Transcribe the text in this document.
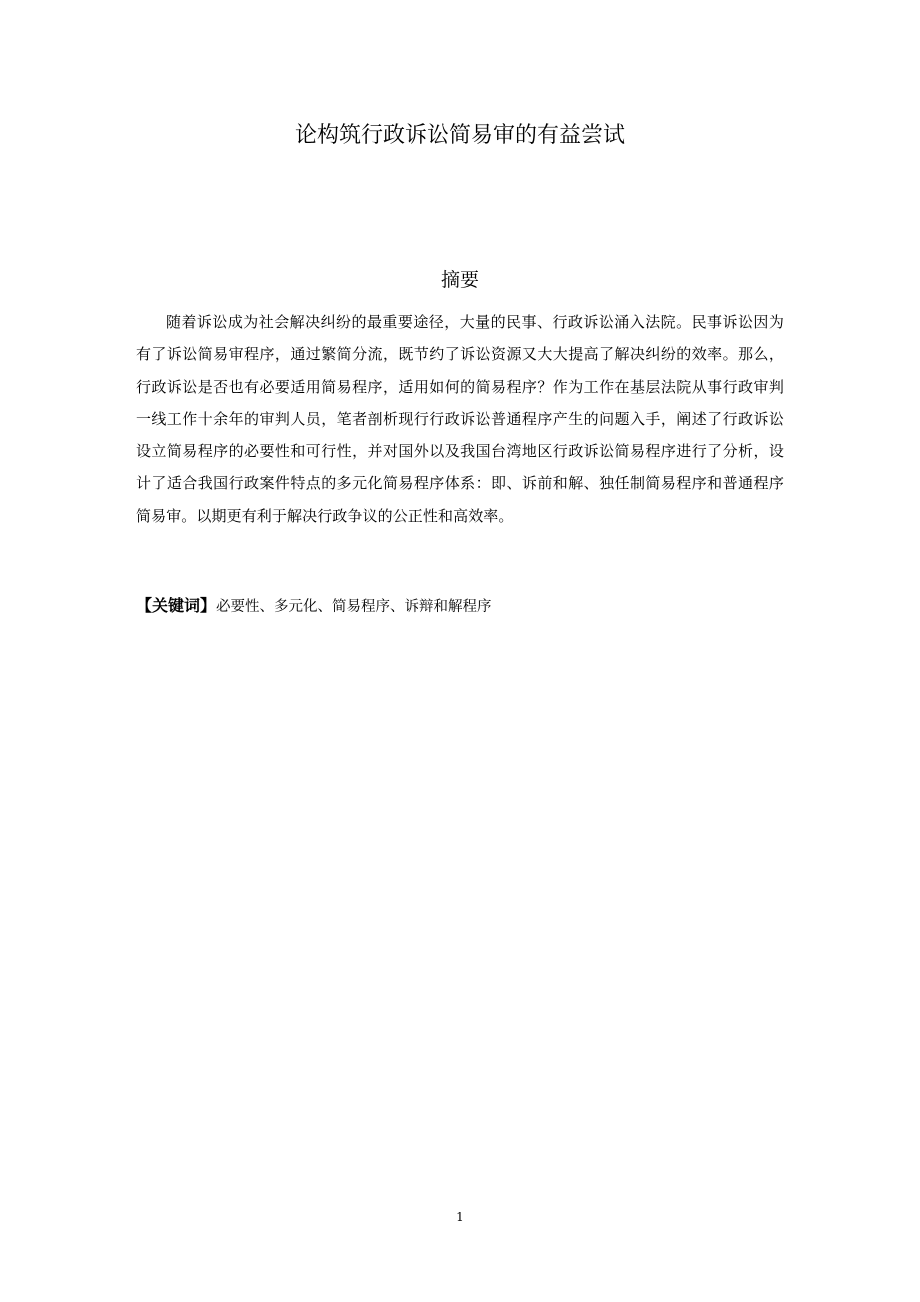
论构筑行政诉讼简易审的有益尝试
摘要

随着诉讼成为社会解决纠纷的最重要途径，大量的民事、行政诉讼涌入法院。民事诉讼因为有了诉讼简易审程序，通过繁简分流，既节约了诉讼资源又大大提高了解决纠纷的效率。那么，行政诉讼是否也有必要适用简易程序，适用如何的简易程序？作为工作在基层法院从事行政审判一线工作十余年的审判人员，笔者剖析现行行政诉讼普通程序产生的问题入手，阐述了行政诉讼设立简易程序的必要性和可行性，并对国外以及我国台湾地区行政诉讼简易程序进行了分析，设计了适合我国行政案件特点的多元化简易程序体系：即、诉前和解、独任制简易程序和普通程序简易审。以期更有利于解决行政争议的公正性和高效率。

【关键词】必要性、多元化、简易程序、诉辩和解程序

1
